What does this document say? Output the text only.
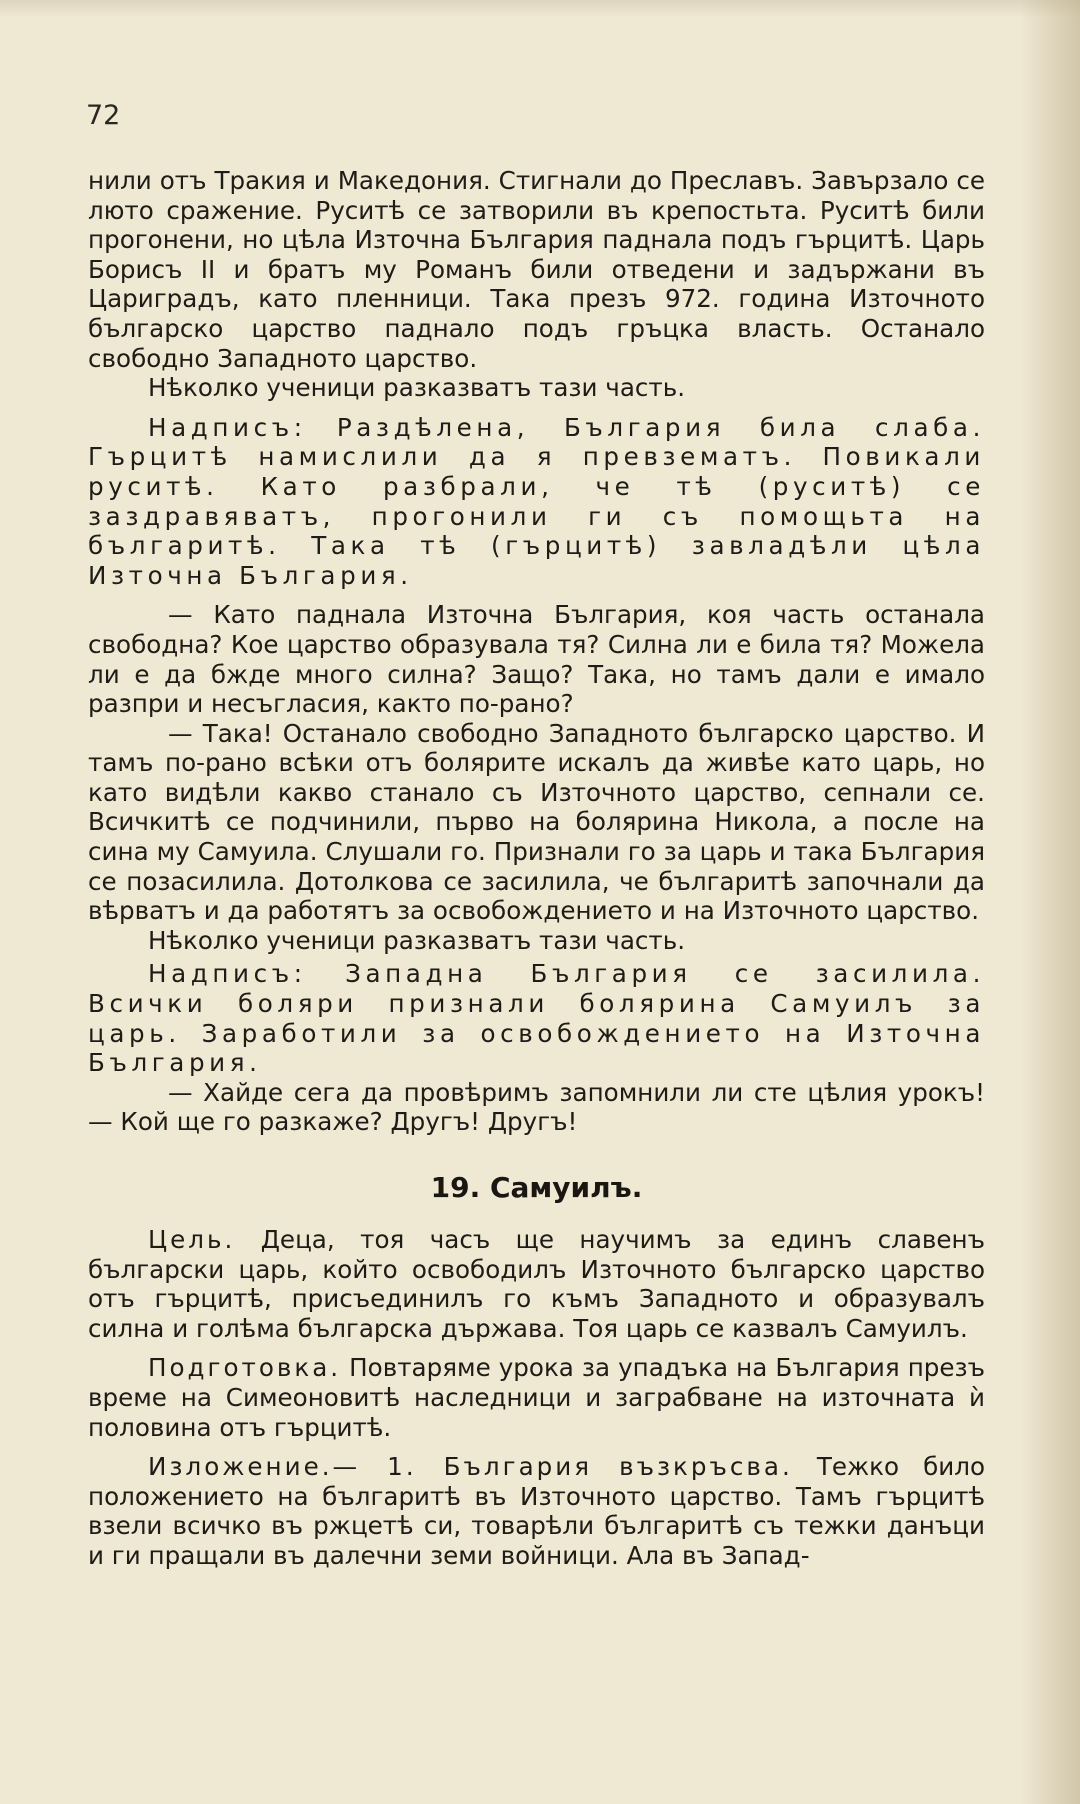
72

нили отъ Тракия и Македония. Стигнали до Преславъ. Завързало се люто сражение. Руситѣ се затворили въ крепостьта. Руситѣ били прогонени, но цѣла Източна България паднала подъ гърцитѣ. Царь Борисъ II и братъ му Романъ били отведени и задържани въ Цариградъ, като пленници. Така презъ 972. година Източното българско царство паднало подъ гръцка власть. Останало свободно Западното царство.

Нѣколко ученици разказватъ тази часть.

Надписъ: Раздѣлена, България била слаба. Гърцитѣ намислили да я превзематъ. Повикали руситѣ. Като разбрали, че тѣ (руситѣ) се заздравяватъ, прогонили ги съ помощьта на българитѣ. Така тѣ (гърцитѣ) завладѣли цѣла Източна България.

— Като паднала Източна България, коя часть останала свободна? Кое царство образувала тя? Силна ли е била тя? Можела ли е да бжде много силна? Защо? Така, но тамъ дали е имало разпри и несъгласия, както по-рано?

— Така! Останало свободно Западното българско царство. И тамъ по-рано всѣки отъ болярите искалъ да живѣе като царь, но като видѣли какво станало съ Източното царство, сепнали се. Всичкитѣ се подчинили, първо на болярина Никола, а после на сина му Самуила. Слушали го. Признали го за царь и така България се позасилила. Дотолкова се засилила, че българитѣ започнали да вѣрватъ и да работятъ за освобождението и на Източното царство.

Нѣколко ученици разказватъ тази часть.

Надписъ: Западна България се засилила. Всички боляри признали болярина Самуилъ за царь. Заработили за освобождението на Източна България.

— Хайде сега да провѣримъ запомнили ли сте цѣлия урокъ! — Кой ще го разкаже? Другъ! Другъ!

19. Самуилъ.

Цель. Деца, тоя часъ ще научимъ за единъ славенъ български царь, който освободилъ Източното българско царство отъ гърцитѣ, присъединилъ го къмъ Западното и образувалъ силна и голѣма българска държава. Тоя царь се казвалъ Самуилъ.

Подготовка. Повтаряме урока за упадъка на България презъ време на Симеоновитѣ наследници и заграбване на източната ѝ половина отъ гърцитѣ.

Изложение.— 1. България възкръсва. Тежко било положението на българитѣ въ Източното царство. Тамъ гърцитѣ взели всичко въ ржцетѣ си, товарѣли българитѣ съ тежки данъци и ги пращали въ далечни земи войници. Ала въ Запад-
